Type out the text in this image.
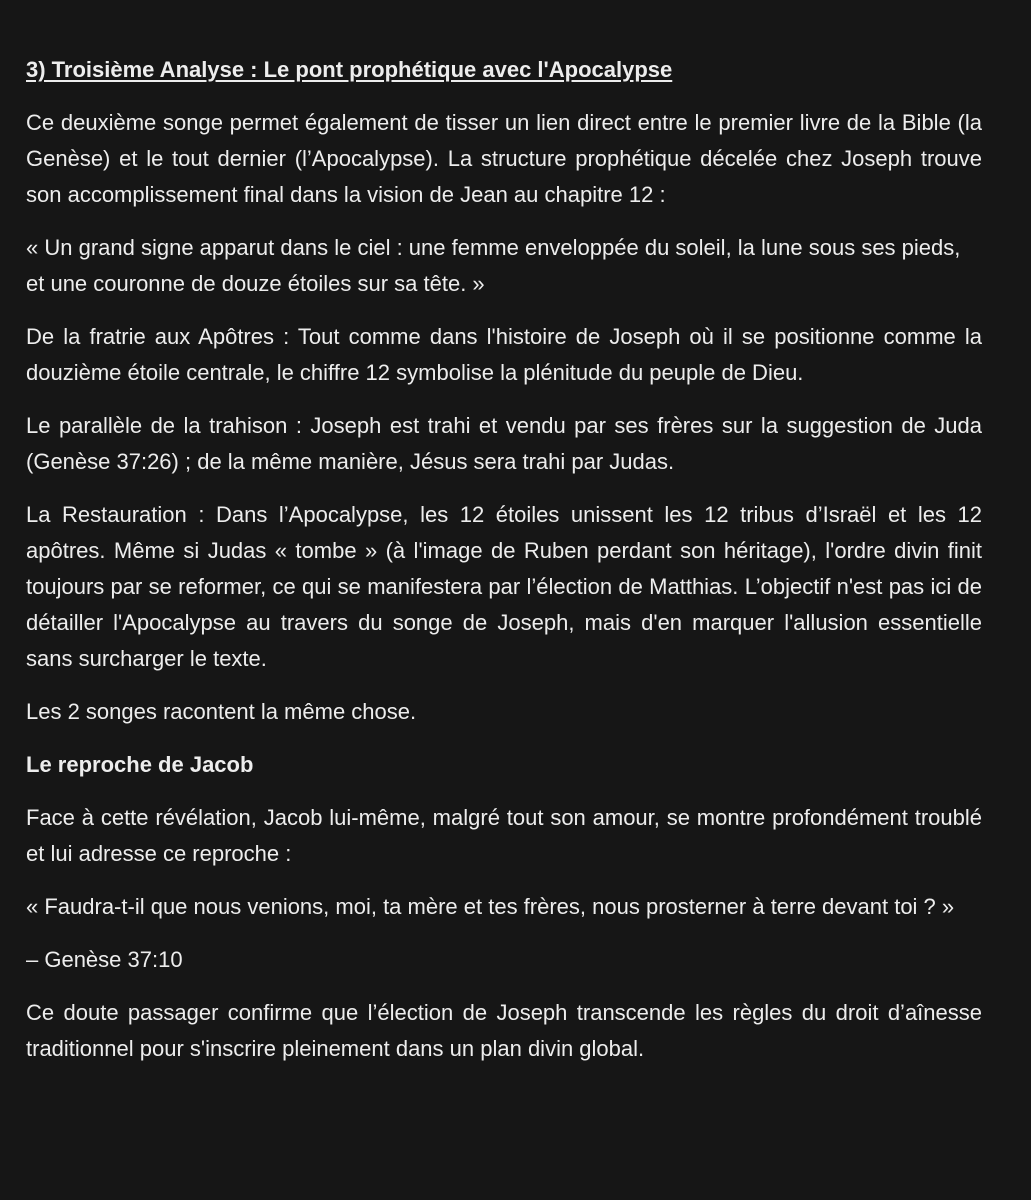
3) Troisième Analyse : Le pont prophétique avec l'Apocalypse

Ce deuxième songe permet également de tisser un lien direct entre le premier livre de la Bible (la Genèse) et le tout dernier (l’Apocalypse). La structure prophétique décelée chez Joseph trouve son accomplissement final dans la vision de Jean au chapitre 12 :

« Un grand signe apparut dans le ciel : une femme enveloppée du soleil, la lune sous ses pieds, et une couronne de douze étoiles sur sa tête. »

De la fratrie aux Apôtres : Tout comme dans l'histoire de Joseph où il se positionne comme la douzième étoile centrale, le chiffre 12 symbolise la plénitude du peuple de Dieu.

Le parallèle de la trahison : Joseph est trahi et vendu par ses frères sur la suggestion de Juda (Genèse 37:26) ; de la même manière, Jésus sera trahi par Judas.

La Restauration : Dans l’Apocalypse, les 12 étoiles unissent les 12 tribus d’Israël et les 12 apôtres. Même si Judas « tombe » (à l'image de Ruben perdant son héritage), l'ordre divin finit toujours par se reformer, ce qui se manifestera par l’élection de Matthias. L’objectif n'est pas ici de détailler l'Apocalypse au travers du songe de Joseph, mais d'en marquer l'allusion essentielle sans surcharger le texte.

Les 2 songes racontent la même chose.

Le reproche de Jacob

Face à cette révélation, Jacob lui-même, malgré tout son amour, se montre profondément troublé et lui adresse ce reproche :

« Faudra-t-il que nous venions, moi, ta mère et tes frères, nous prosterner à terre devant toi ? »

– Genèse 37:10

Ce doute passager confirme que l’élection de Joseph transcende les règles du droit d’aînesse traditionnel pour s'inscrire pleinement dans un plan divin global.
